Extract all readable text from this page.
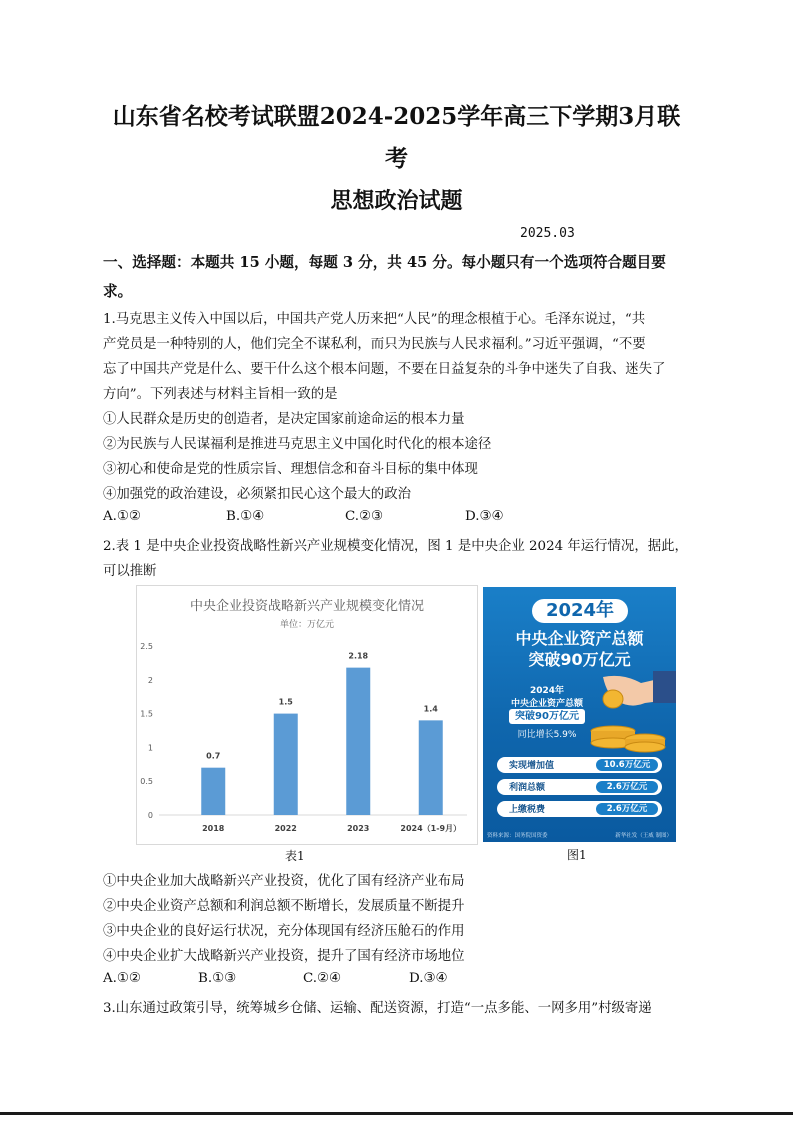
山东省名校考试联盟2024-2025学年高三下学期3月联
考
思想政治试题
2025.03
一、选择题：本题共 15 小题，每题 3 分，共 45 分。每小题只有一个选项符合题目要
求。
1.马克思主义传入中国以后，中国共产党人历来把“人民”的理念根植于心。毛泽东说过，“共
产党员是一种特别的人，他们完全不谋私利，而只为民族与人民求福利。”习近平强调，“不要
忘了中国共产党是什么、要干什么这个根本问题，不要在日益复杂的斗争中迷失了自我、迷失了
方向”。下列表述与材料主旨相一致的是
①人民群众是历史的创造者，是决定国家前途命运的根本力量
②为民族与人民谋福利是推进马克思主义中国化时代化的根本途径
③初心和使命是党的性质宗旨、理想信念和奋斗目标的集中体现
④加强党的政治建设，必须紧扣民心这个最大的政治
A.①②	B.①④	C.②③	D.③④
2.表 1 是中央企业投资战略性新兴产业规模变化情况，图 1 是中央企业 2024 年运行情况，据此，
可以推断
中央企业投资战略新兴产业规模变化情况
单位：万亿元
0
0.5
1
1.5
2
2.5
0.7
2018
1.5
2022
2.18
2023
1.4
2024（1-9月）
2024年
中央企业资产总额
突破90万亿元
2024年
中央企业资产总额
突破90万亿元
同比增长5.9%
实现增加值	10.6万亿元
利润总额	2.6万亿元
上缴税费	2.6万亿元
资料来源：国务院国资委	新华社发（王威 制图）
表1	图1
①中央企业加大战略新兴产业投资，优化了国有经济产业布局
②中央企业资产总额和利润总额不断增长，发展质量不断提升
③中央企业的良好运行状况，充分体现国有经济压舱石的作用
④中央企业扩大战略新兴产业投资，提升了国有经济市场地位
A.①②	B.①③	C.②④	D.③④
3.山东通过政策引导，统筹城乡仓储、运输、配送资源，打造“一点多能、一网多用”村级寄递
